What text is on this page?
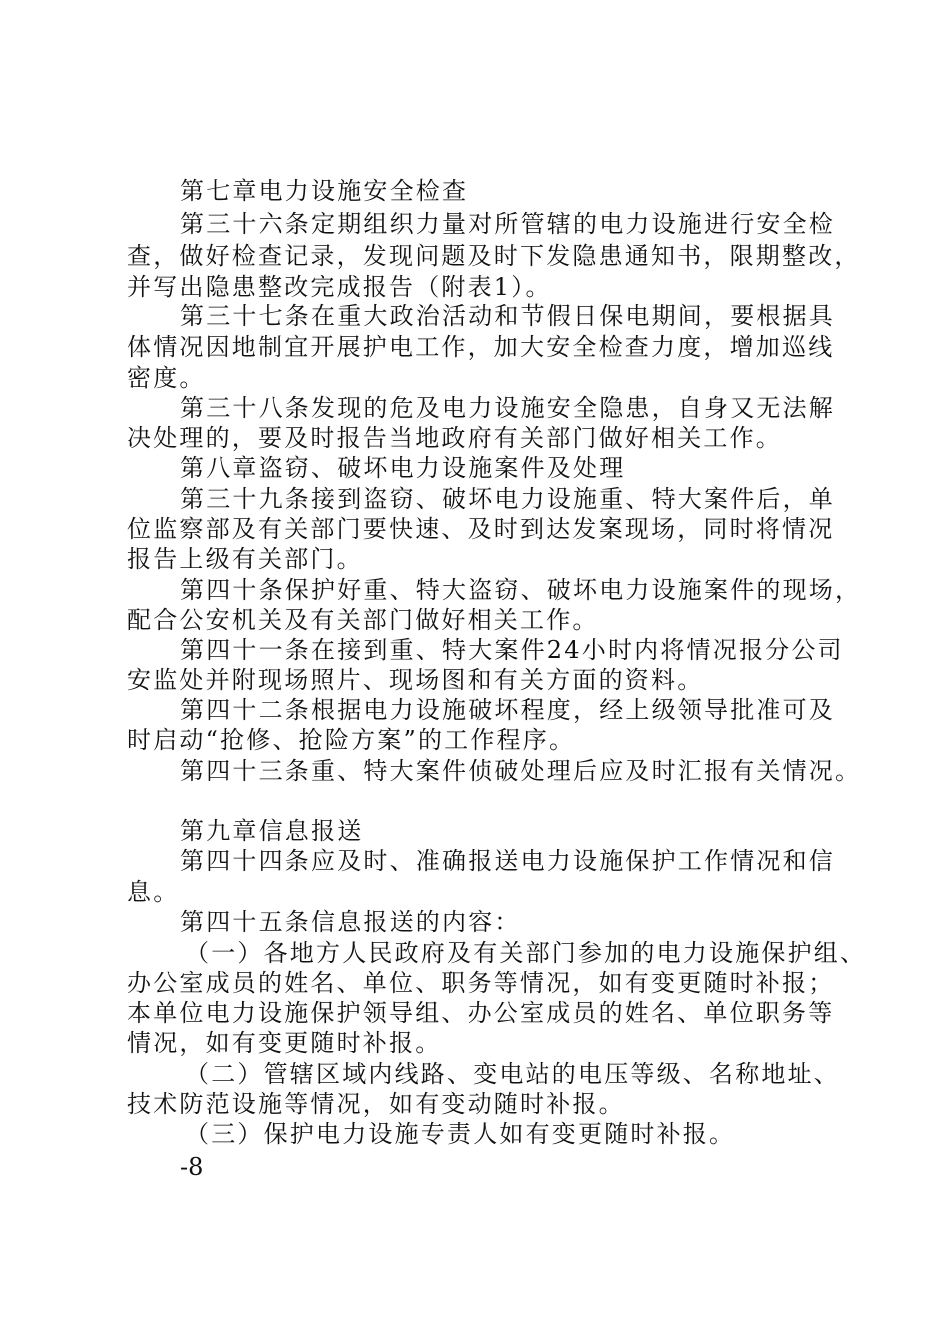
第七章电力设施安全检查
第三十六条定期组织力量对所管辖的电力设施进行安全检
查，做好检查记录，发现问题及时下发隐患通知书，限期整改，
并写出隐患整改完成报告（附表1）。
第三十七条在重大政治活动和节假日保电期间，要根据具
体情况因地制宜开展护电工作，加大安全检查力度，增加巡线
密度。
第三十八条发现的危及电力设施安全隐患，自身又无法解
决处理的，要及时报告当地政府有关部门做好相关工作。
第八章盗窃、破坏电力设施案件及处理
第三十九条接到盗窃、破坏电力设施重、特大案件后，单
位监察部及有关部门要快速、及时到达发案现场，同时将情况
报告上级有关部门。
第四十条保护好重、特大盗窃、破坏电力设施案件的现场，
配合公安机关及有关部门做好相关工作。
第四十一条在接到重、特大案件24小时内将情况报分公司
安监处并附现场照片、现场图和有关方面的资料。
第四十二条根据电力设施破坏程度，经上级领导批准可及
时启动“抢修、抢险方案”的工作程序。
第四十三条重、特大案件侦破处理后应及时汇报有关情况。
第九章信息报送
第四十四条应及时、准确报送电力设施保护工作情况和信
息。
第四十五条信息报送的内容：
（一）各地方人民政府及有关部门参加的电力设施保护组、
办公室成员的姓名、单位、职务等情况，如有变更随时补报；
本单位电力设施保护领导组、办公室成员的姓名、单位职务等
情况，如有变更随时补报。
（二）管辖区域内线路、变电站的电压等级、名称地址、
技术防范设施等情况，如有变动随时补报。
（三）保护电力设施专责人如有变更随时补报。
-8
